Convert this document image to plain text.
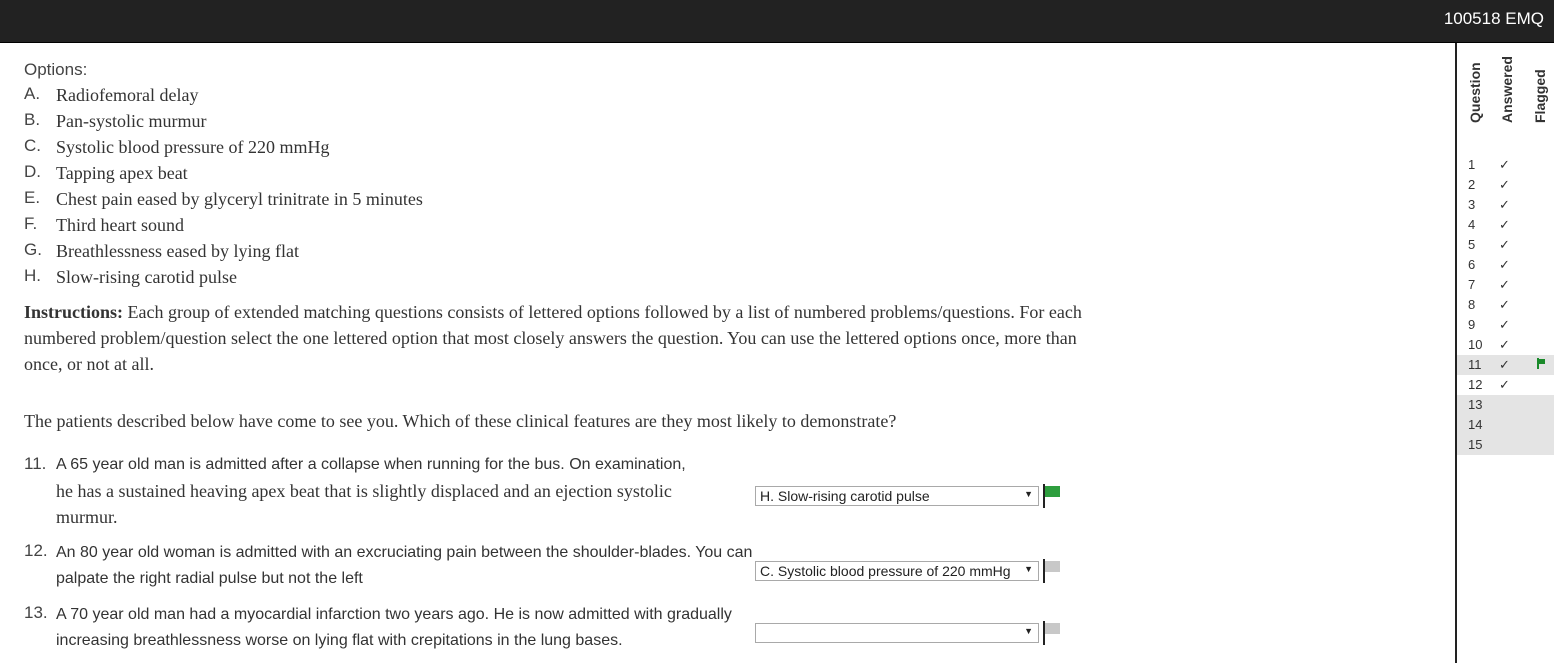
100518 EMQ
Options:
A. Radiofemoral delay
B. Pan-systolic murmur
C. Systolic blood pressure of 220 mmHg
D. Tapping apex beat
E. Chest pain eased by glyceryl trinitrate in 5 minutes
F. Third heart sound
G. Breathlessness eased by lying flat
H. Slow-rising carotid pulse
Instructions: Each group of extended matching questions consists of lettered options followed by a list of numbered problems/questions. For each numbered problem/question select the one lettered option that most closely answers the question. You can use the lettered options once, more than once, or not at all.
The patients described below have come to see you. Which of these clinical features are they most likely to demonstrate?
11. A 65 year old man is admitted after a collapse when running for the bus. On examination,
he has a sustained heaving apex beat that is slightly displaced and an ejection systolic murmur.
H. Slow-rising carotid pulse	▼
12. An 80 year old woman is admitted with an excruciating pain between the shoulder-blades. You can palpate the right radial pulse but not the left	C. Systolic blood pressure of 220 mmHg ▼
13. A 70 year old man had a myocardial infarction two years ago. He is now admitted with gradually increasing breathlessness worse on lying flat with crepitations in the lung bases.
▼
Question Answered Flagged
1 ✓
2 ✓
3 ✓
4 ✓
5 ✓
6 ✓
7 ✓
8 ✓
9 ✓
10 ✓
11 ✓
12 ✓
13
14
15
